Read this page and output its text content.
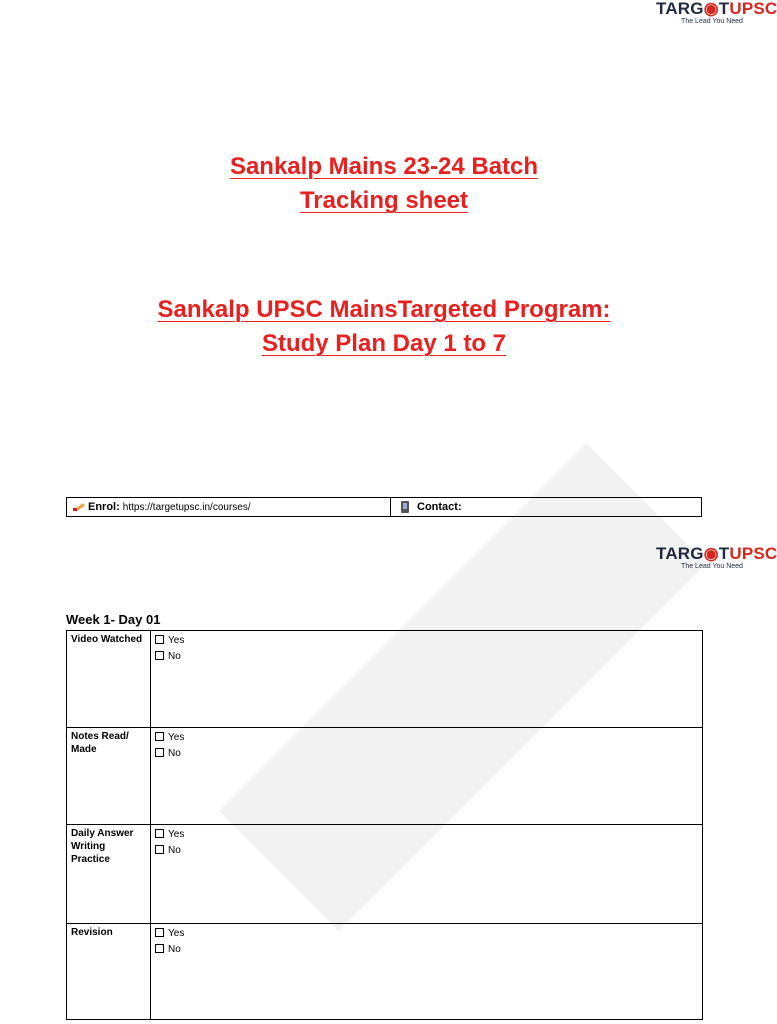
TARG◉TUPSC
The Lead You Need
Sankalp Mains 23-24 Batch
Tracking sheet
Sankalp UPSC MainsTargeted Program:
Study Plan Day 1 to 7
Enrol: https://targetupsc.in/courses/	Contact:
TARG◉TUPSC
The Lead You Need
Week 1- Day 01
Video Watched	Yes
No

Notes Read/ Made	Yes
No

Daily Answer Writing Practice	Yes
No

Revision	Yes
No
